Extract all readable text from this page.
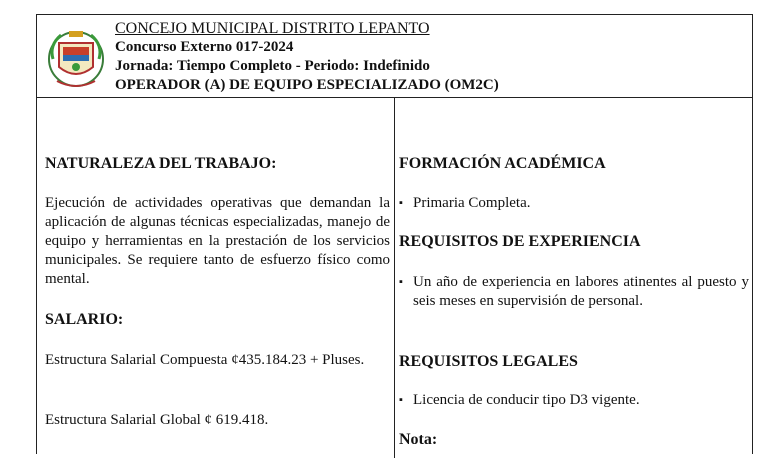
CONCEJO MUNICIPAL DISTRITO LEPANTO
Concurso Externo 017-2024
Jornada: Tiempo Completo - Periodo: Indefinido
OPERADOR (A) DE EQUIPO ESPECIALIZADO (OM2C)
NATURALEZA DEL TRABAJO:
Ejecución de actividades operativas que demandan la aplicación de algunas técnicas especializadas, manejo de equipo y herramientas en la prestación de los servicios municipales. Se requiere tanto de esfuerzo físico como mental.
SALARIO:
Estructura Salarial Compuesta ¢435.184.23 + Pluses.
Estructura Salarial Global ¢ 619.418.
FORMACIÓN ACADÉMICA
▪ Primaria Completa.
REQUISITOS DE EXPERIENCIA
▪ Un año de experiencia en labores atinentes al puesto y seis meses en supervisión de personal.
REQUISITOS LEGALES
▪ Licencia de conducir tipo D3 vigente.
Nota:
